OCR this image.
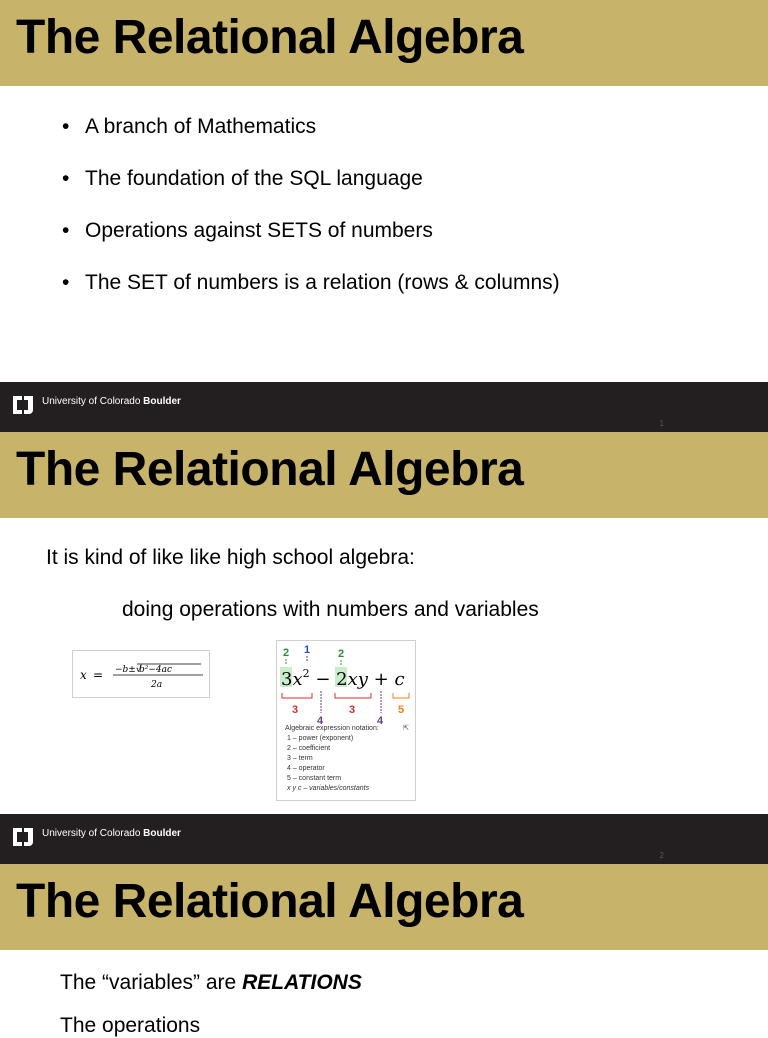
The Relational Algebra
• A branch of Mathematics
• The foundation of the SQL language
• Operations against SETS of numbers
• The SET of numbers is a relation (rows & columns)
University of Colorado Boulder
1
The Relational Algebra
It is kind of like like high school algebra:
doing operations with numbers and variables
x = −b±√
b²−4ac
2a
2 1	2
$3x^2 - 2xy + c$
3	3	5
4	4
Algebraic expression notation:	⇱
1 – power (exponent)
2 – coefficient
3 – term
4 – operator
5 – constant term
x y c – variables/constants
University of Colorado Boulder
2
The Relational Algebra
The “variables” are RELATIONS
The operations
